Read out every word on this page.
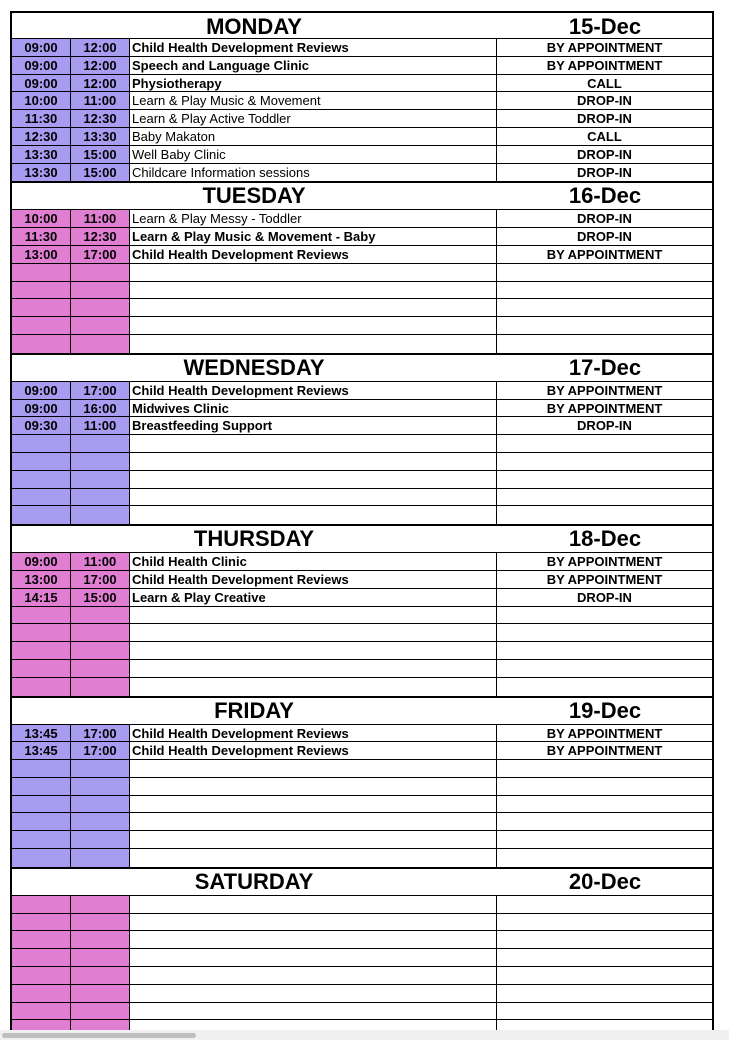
MONDAY	15-Dec
09:00	12:00	Child Health Development Reviews	BY APPOINTMENT
09:00	12:00	Speech and Language Clinic	BY APPOINTMENT
09:00	12:00	Physiotherapy	CALL
10:00	11:00	Learn & Play Music & Movement	DROP-IN
11:30	12:30	Learn & Play Active Toddler	DROP-IN
12:30	13:30	Baby Makaton	CALL
13:30	15:00	Well Baby Clinic	DROP-IN
13:30	15:00	Childcare Information sessions	DROP-IN
TUESDAY	16-Dec
10:00	11:00	Learn & Play Messy - Toddler	DROP-IN
11:30	12:30	Learn & Play Music & Movement - Baby	DROP-IN
13:00	17:00	Child Health Development Reviews	BY APPOINTMENT
WEDNESDAY	17-Dec
09:00	17:00	Child Health Development Reviews	BY APPOINTMENT
09:00	16:00	Midwives Clinic	BY APPOINTMENT
09:30	11:00	Breastfeeding Support	DROP-IN
THURSDAY	18-Dec
09:00	11:00	Child Health Clinic	BY APPOINTMENT
13:00	17:00	Child Health Development Reviews	BY APPOINTMENT
14:15	15:00	Learn & Play Creative	DROP-IN
FRIDAY	19-Dec
13:45	17:00	Child Health Development Reviews	BY APPOINTMENT
13:45	17:00	Child Health Development Reviews	BY APPOINTMENT
SATURDAY	20-Dec
